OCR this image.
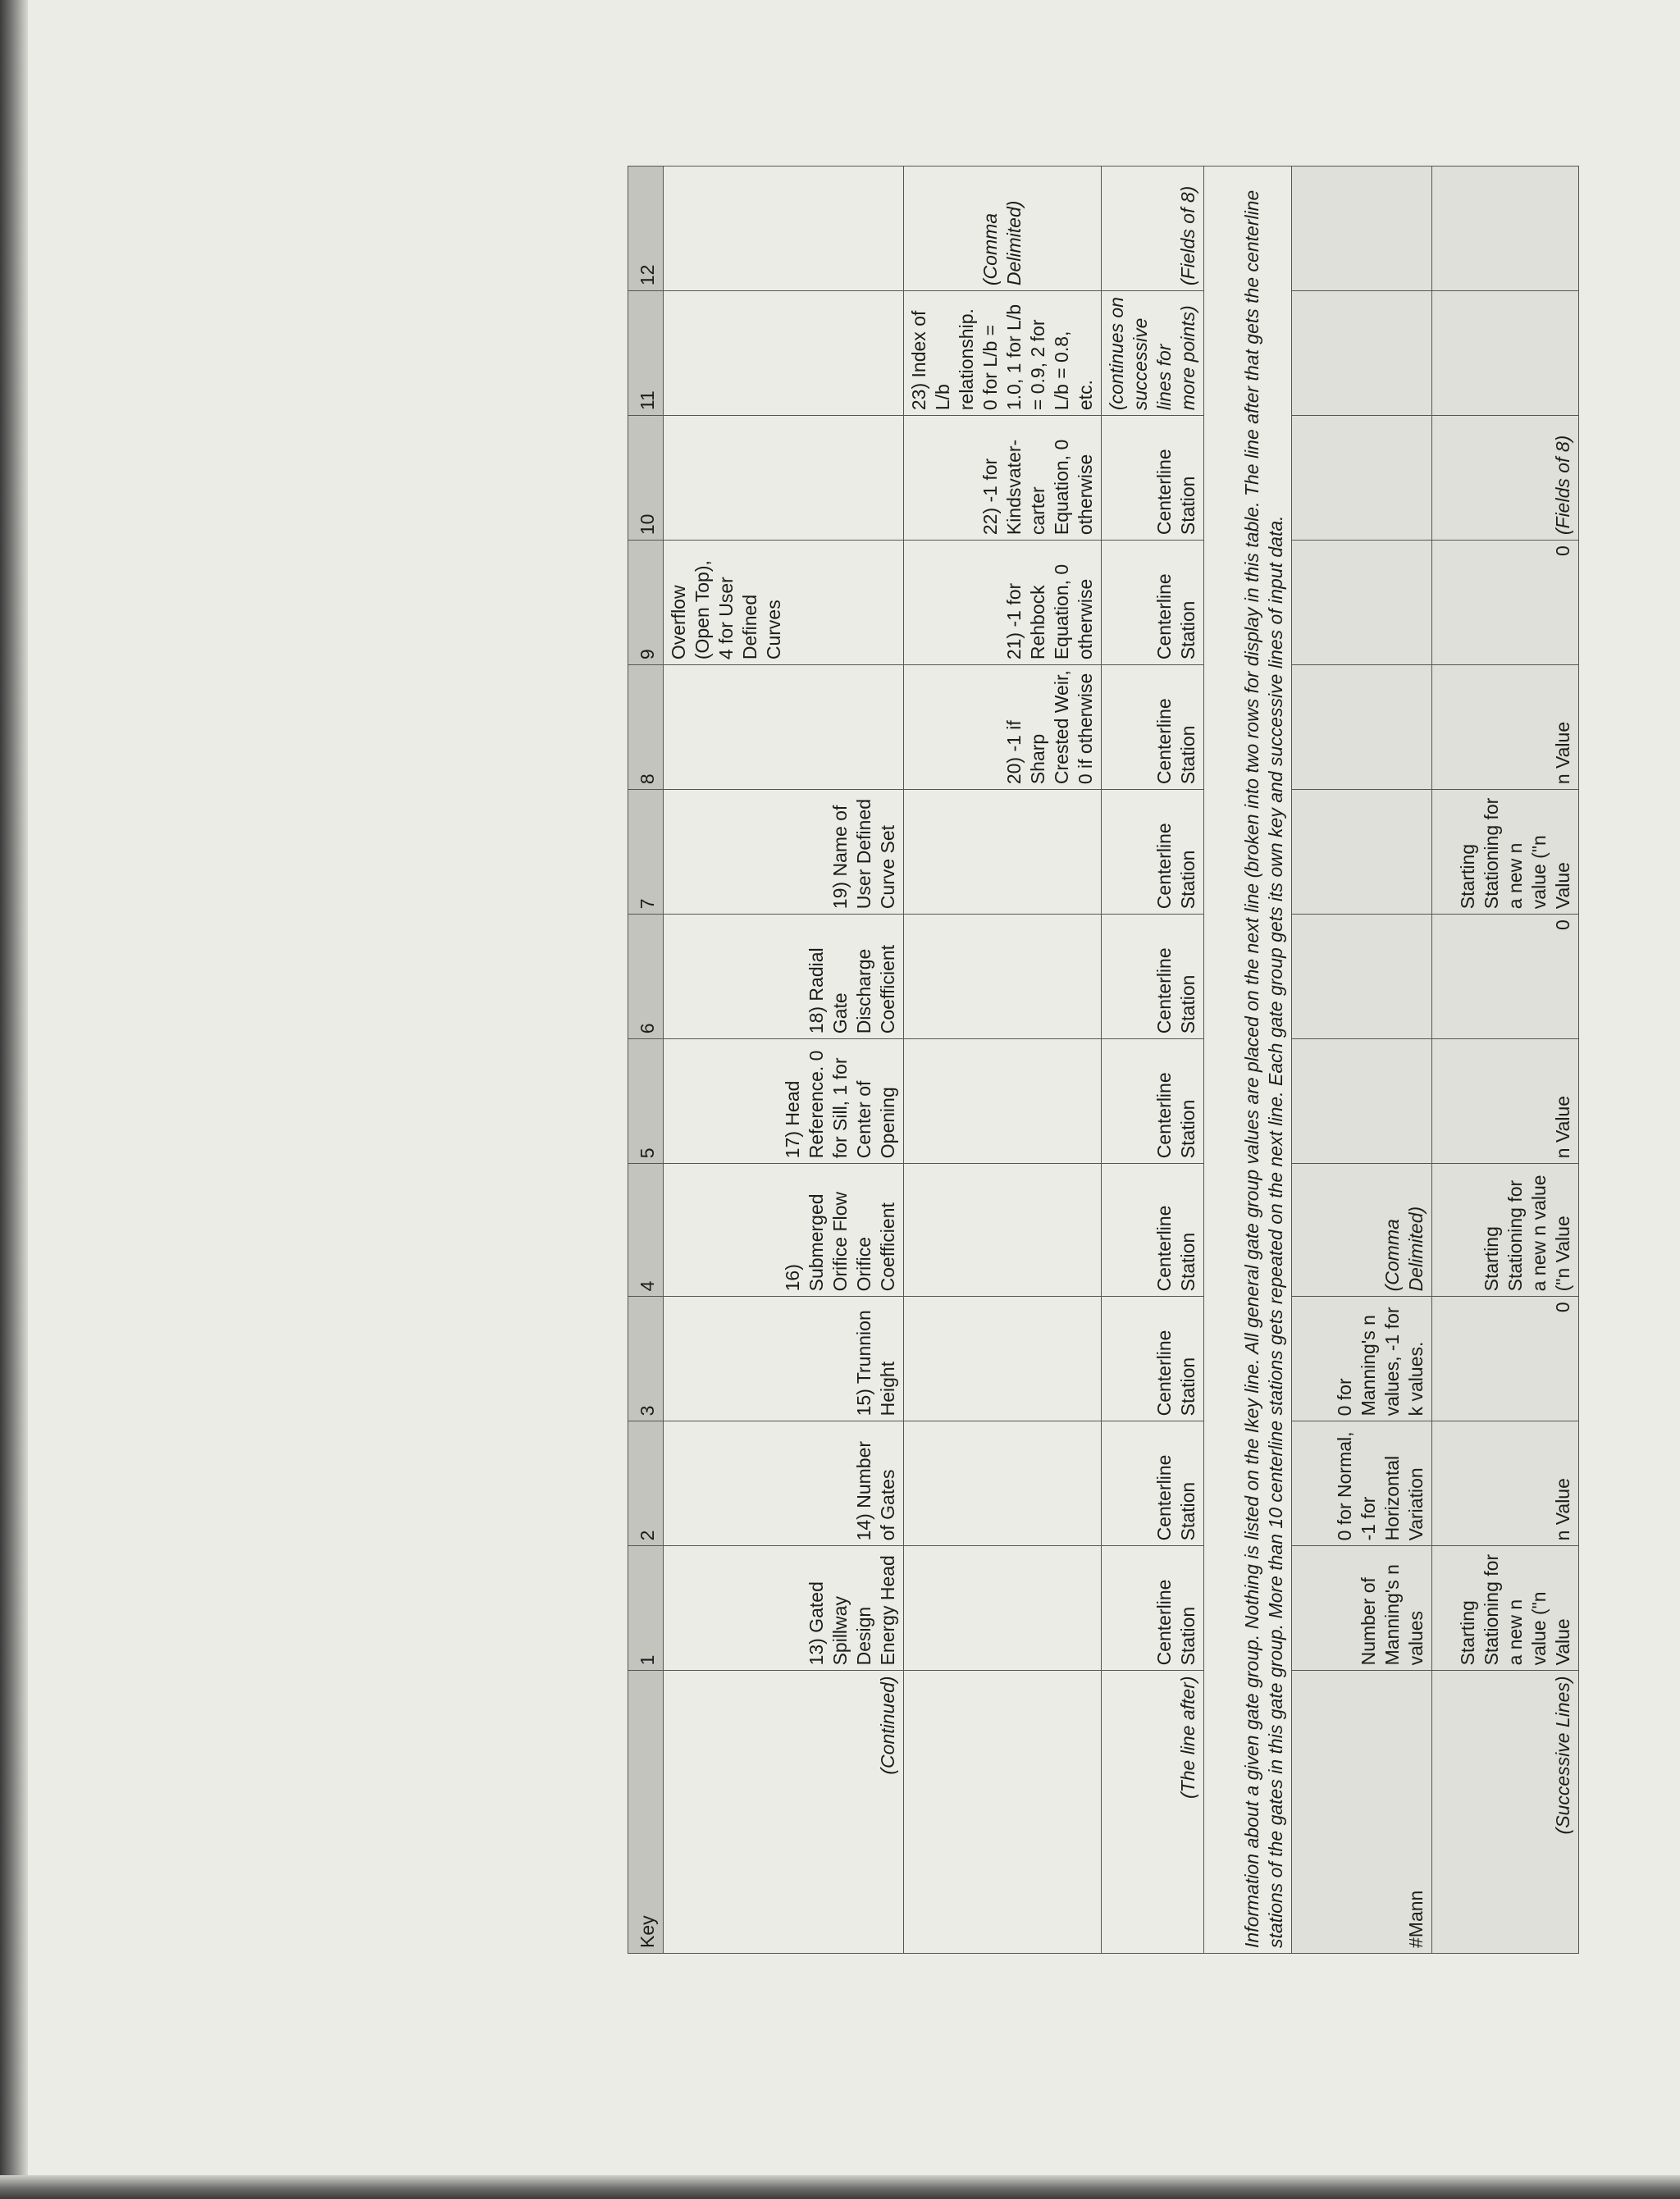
Appendix B. The Geometry Input File Keys
213
Key	1	2	3	4	5	6	7	8	9	10	11	12
(Continued)	13) Gated Spillway Design Energy Head	14) Number of Gates	15) Trunnion Height	16) Submerged Orifice Flow Orifice Coefficient	17) Head Reference. 0 for Sill, 1 for Center of Opening	18) Radial Gate Discharge Coefficient	19) Name of User Defined Curve Set		Overflow (Open Top), 4 for User Defined Curves			
								20) -1 if Sharp Crested Weir, 0 if otherwise	21) -1 for Rehbock Equation, 0 otherwise	22) -1 for Kindsvater-carter Equation, 0 otherwise	23) Index of L/b relationship. 0 for L/b = 1.0, 1 for L/b = 0.9, 2 for L/b = 0.8, etc.	(Comma Delimited)
(The line after)	Centerline Station	Centerline Station	Centerline Station	Centerline Station	Centerline Station	Centerline Station	Centerline Station	Centerline Station	Centerline Station	Centerline Station	(continues on successive lines for more points)	(Fields of 8)
Information about a given gate group. Nothing is listed on the Ikey line. All general gate group values are placed on the next line (broken into two rows for display in this table. The line after that gets the centerline stations of the gates in this gate group. More than 10 centerline stations gets repeated on the next line. Each gate group gets its own key and successive lines of input data.												
#Mann	Number of Manning's n values	0 for Normal, -1 for Horizontal Variation	0 for Manning's n values, -1 for k values.	(Comma Delimited)								
(Successive Lines)	Starting Stationing for a new n value ("n Value	n Value	0	Starting Stationing for a new n value ("n Value	n Value	0	Starting Stationing for a new n value ("n Value	n Value	0	(Fields of 8)		
